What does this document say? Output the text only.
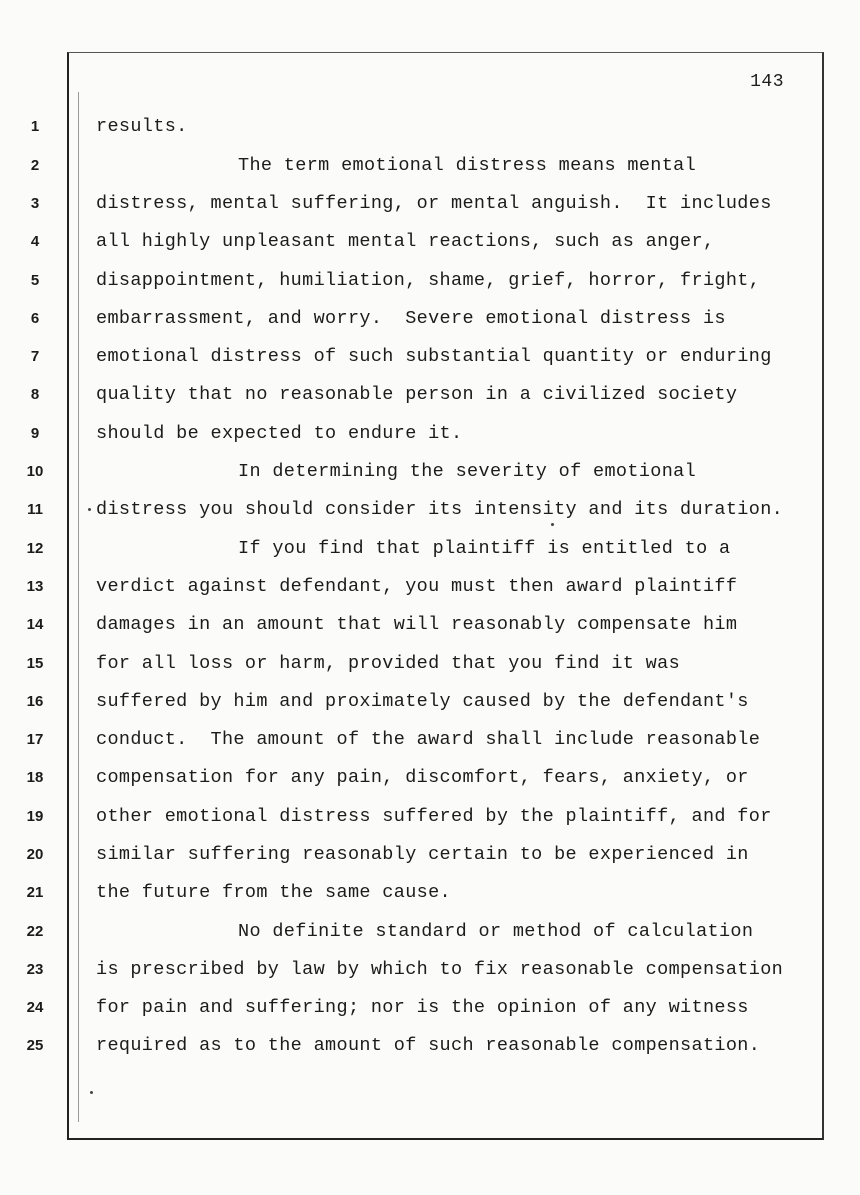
143
1
2
3
4
5
6
7
8
9
10
11
12
13
14
15
16
17
18
19
20
21
22
23
24
25
results.
The term emotional distress means mental
distress, mental suffering, or mental anguish.  It includes
all highly unpleasant mental reactions, such as anger,
disappointment, humiliation, shame, grief, horror, fright,
embarrassment, and worry.  Severe emotional distress is
emotional distress of such substantial quantity or enduring
quality that no reasonable person in a civilized society
should be expected to endure it.
In determining the severity of emotional
distress you should consider its intensity and its duration.
If you find that plaintiff is entitled to a
verdict against defendant, you must then award plaintiff
damages in an amount that will reasonably compensate him
for all loss or harm, provided that you find it was
suffered by him and proximately caused by the defendant's
conduct.  The amount of the award shall include reasonable
compensation for any pain, discomfort, fears, anxiety, or
other emotional distress suffered by the plaintiff, and for
similar suffering reasonably certain to be experienced in
the future from the same cause.
No definite standard or method of calculation
is prescribed by law by which to fix reasonable compensation
for pain and suffering; nor is the opinion of any witness
required as to the amount of such reasonable compensation.
